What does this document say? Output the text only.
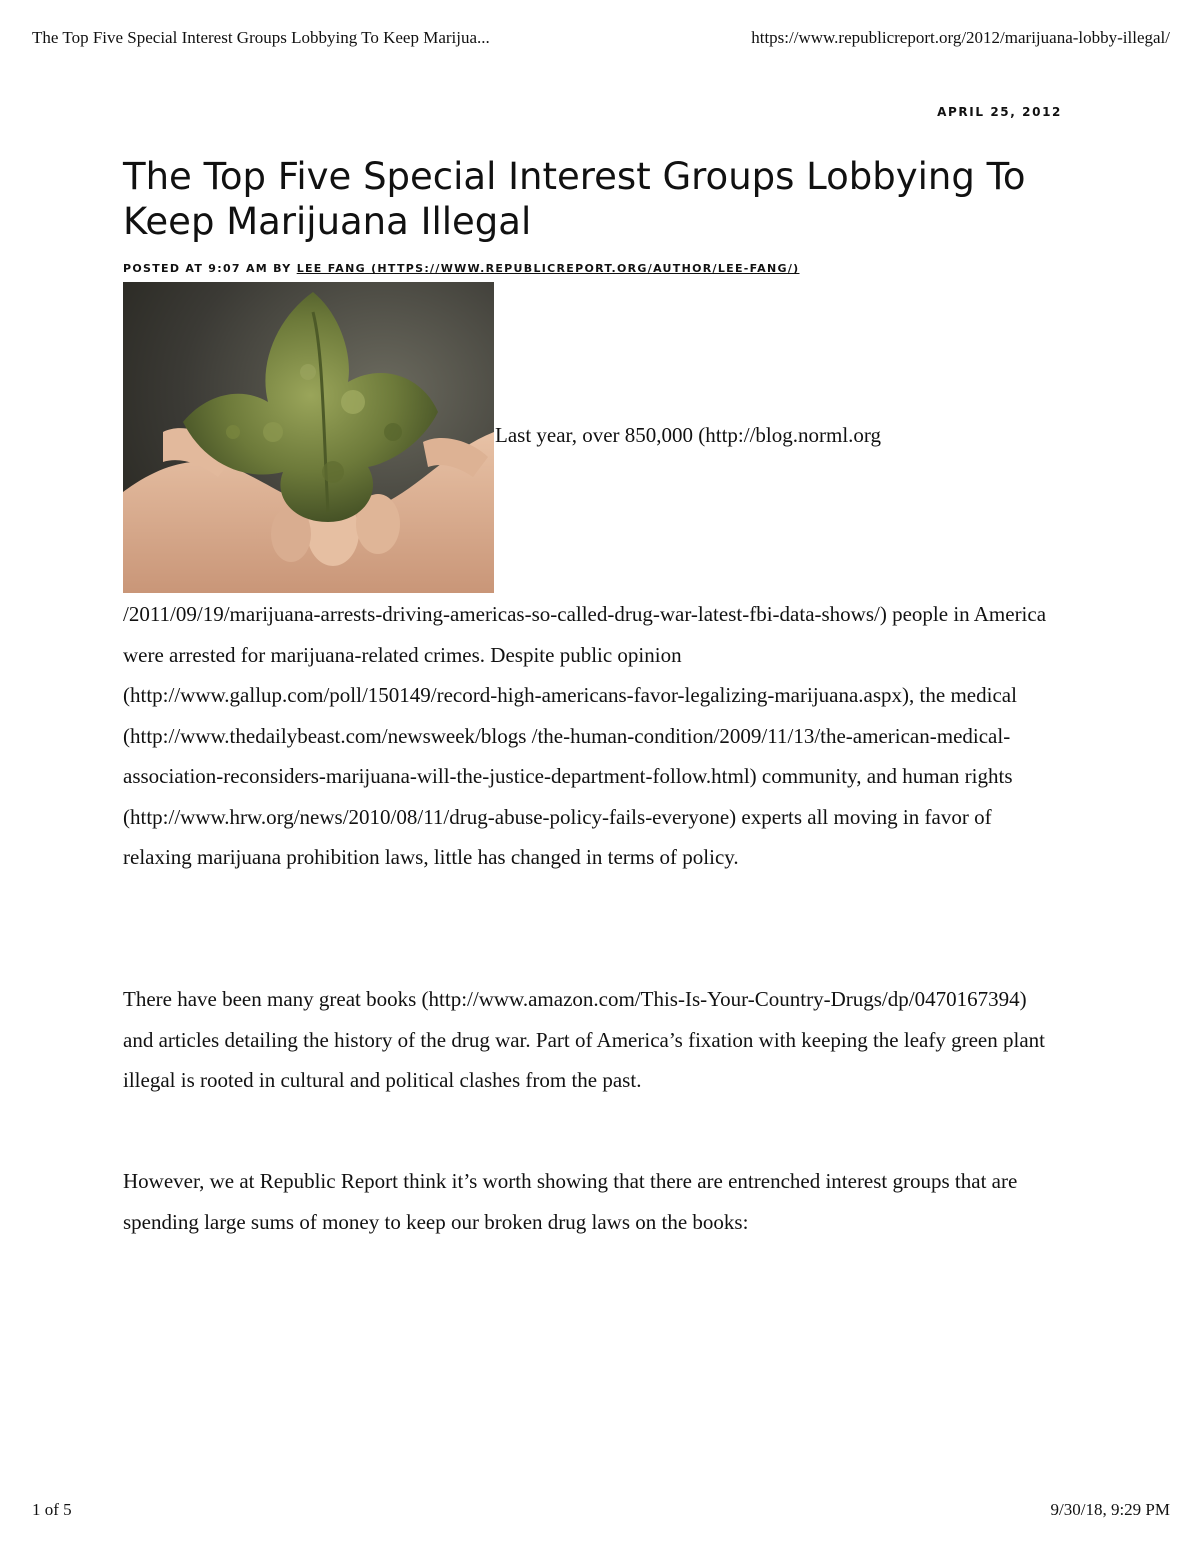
The Top Five Special Interest Groups Lobbying To Keep Marijua...	https://www.republicreport.org/2012/marijuana-lobby-illegal/
APRIL 25, 2012
The Top Five Special Interest Groups Lobbying To Keep Marijuana Illegal
POSTED AT 9:07 AM BY LEE FANG (HTTPS://WWW.REPUBLICREPORT.ORG/AUTHOR/LEE-FANG/)
Last year, over 850,000 (http://blog.norml.org

/2011/09/19/marijuana-arrests-driving-americas-so-called-drug-war-latest-fbi-data-shows/) people in America were arrested for marijuana-related crimes. Despite public opinion (http://www.gallup.com/poll/150149/record-high-americans-favor-legalizing-marijuana.aspx), the medical (http://www.thedailybeast.com/newsweek/blogs /the-human-condition/2009/11/13/the-american-medical-association-reconsiders-marijuana-will-the-justice-department-follow.html) community, and human rights (http://www.hrw.org/news/2010/08/11/drug-abuse-policy-fails-everyone) experts all moving in favor of relaxing marijuana prohibition laws, little has changed in terms of policy.

There have been many great books (http://www.amazon.com/This-Is-Your-Country-Drugs/dp/0470167394) and articles detailing the history of the drug war. Part of America’s fixation with keeping the leafy green plant illegal is rooted in cultural and political clashes from the past.

However, we at Republic Report think it’s worth showing that there are entrenched interest groups that are spending large sums of money to keep our broken drug laws on the books:

1 of 5	9/30/18, 9:29 PM
